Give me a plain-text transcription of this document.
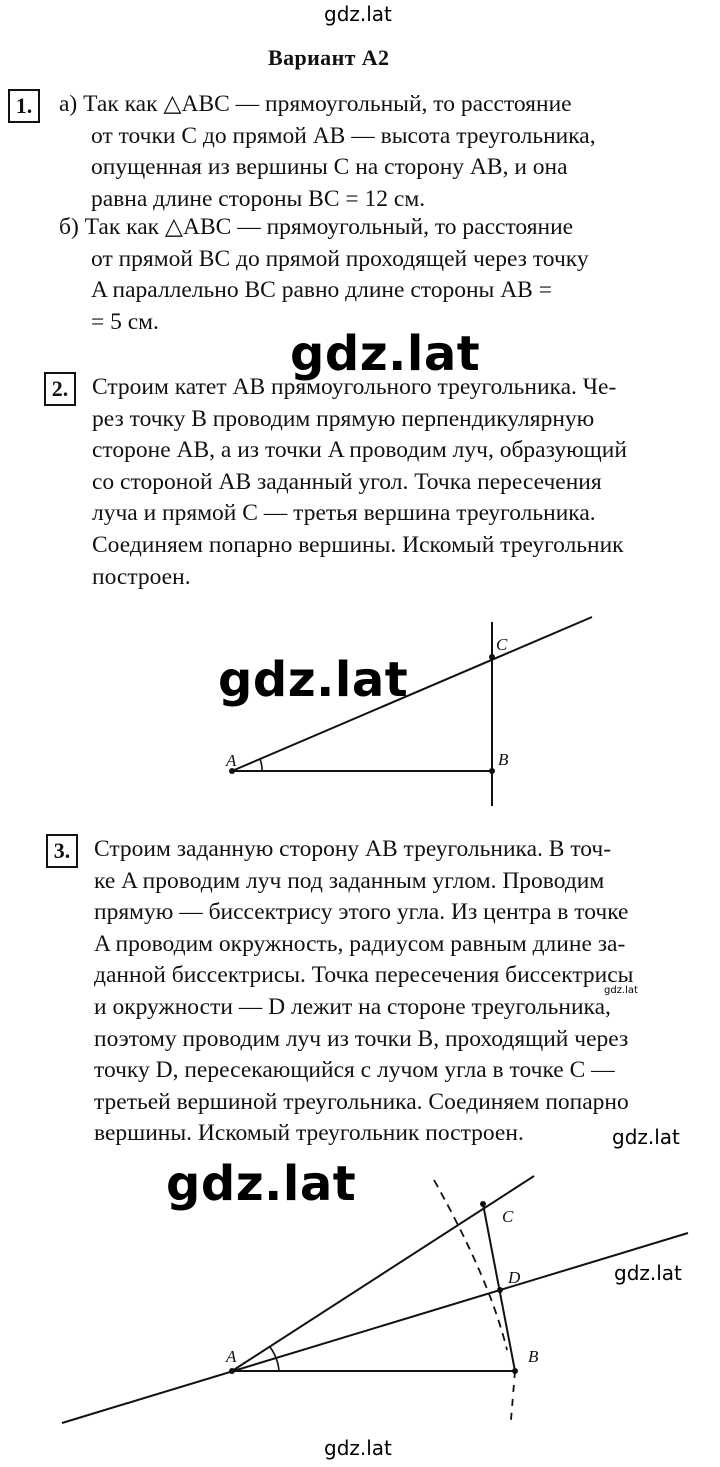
gdz.lat
gdz.lat
gdz.lat
gdz.lat
gdz.lat
gdz.lat
gdz.lat
gdz.lat
Вариант А2
1.	а) Так как △ABC — прямоугольный, то расстояние
от точки C до прямой AB — высота треугольника,
опущенная из вершины C на сторону AB, и она
равна длине стороны BC = 12 см.
б) Так как △ABC — прямоугольный, то расстояние
от прямой BC до прямой проходящей через точку
A параллельно BC равно длине стороны AB =
= 5 см.
2.	Строим катет AB прямоугольного треугольника. Че-
рез точку B проводим прямую перпендикулярную
стороне AB, а из точки A проводим луч, образующий
со стороной AB заданный угол. Точка пересечения
луча и прямой C — третья вершина треугольника.
Соединяем попарно вершины. Искомый треугольник
построен.
A	B
C
3.	Строим заданную сторону AB треугольника. В точ-
ке A проводим луч под заданным углом. Проводим
прямую — биссектрису этого угла. Из центра в точке
A проводим окружность, радиусом равным длине за-
данной биссектрисы. Точка пересечения биссектрисы
и окружности — D лежит на стороне треугольника,
поэтому проводим луч из точки B, проходящий через
точку D, пересекающийся с лучом угла в точке C —
третьей вершиной треугольника. Соединяем попарно
вершины. Искомый треугольник построен.
A	B
C
D
